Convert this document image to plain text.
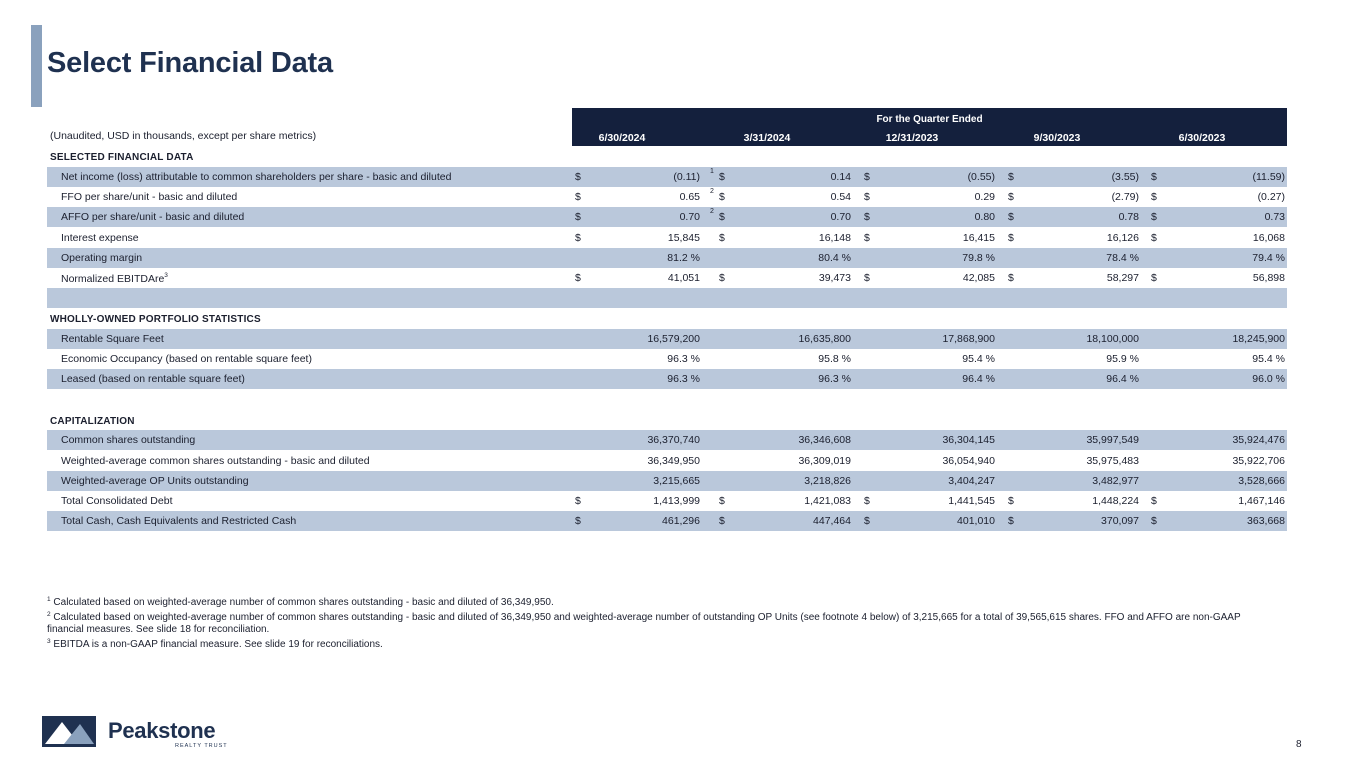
Select Financial Data
(Unaudited, USD in thousands, except per share metrics)
For the Quarter Ended
6/30/2024	3/31/2024	12/31/2023	9/30/2023	6/30/2023
SELECTED FINANCIAL DATA
WHOLLY-OWNED PORTFOLIO STATISTICS
CAPITALIZATION
Net income (loss) attributable to common shareholders per share - basic and diluted	$	(0.11) $	0.14 $	(0.55) $	(3.55) $	(11.59)
1
FFO per share/unit - basic and diluted	$	0.65 $	0.54 $	0.29 $	(2.79) $	(0.27)
2
AFFO per share/unit - basic and diluted	$	0.70 $	0.70 $	0.80 $	0.78 $	0.73
2
Interest expense	$	15,845 $	16,148 $	16,415 $	16,126 $	16,068
Operating margin	81.2 %	80.4 %	79.8 %	78.4 %	79.4 %
Normalized EBITDAre$^3$	$	41,051 $	39,473 $	42,085 $	58,297 $	56,898
Rentable Square Feet	16,579,200	16,635,800	17,868,900	18,100,000	18,245,900
Economic Occupancy (based on rentable square feet)	96.3 %	95.8 %	95.4 %	95.9 %	95.4 %
Leased (based on rentable square feet)	96.3 %	96.3 %	96.4 %	96.4 %	96.0 %
Common shares outstanding	36,370,740	36,346,608	36,304,145	35,997,549	35,924,476
Weighted-average common shares outstanding - basic and diluted	36,349,950	36,309,019	36,054,940	35,975,483	35,922,706
Weighted-average OP Units outstanding	3,215,665	3,218,826	3,404,247	3,482,977	3,528,666
Total Consolidated Debt	$	1,413,999 $	1,421,083 $	1,441,545 $	1,448,224 $	1,467,146
Total Cash, Cash Equivalents and Restricted Cash	$	461,296 $	447,464 $	401,010 $	370,097 $	363,668

$^1$ Calculated based on weighted-average number of common shares outstanding - basic and diluted of 36,349,950.

$^2$ Calculated based on weighted-average number of common shares outstanding - basic and diluted of 36,349,950 and weighted-average number of outstanding OP Units (see footnote 4 below) of 3,215,665 for a total of 39,565,615 shares. FFO and AFFO are non-GAAP financial measures. See slide 18 for reconciliation.

$^3$ EBITDA is a non-GAAP financial measure. See slide 19 for reconciliations.

Peakstone
REALTY TRUST	8
